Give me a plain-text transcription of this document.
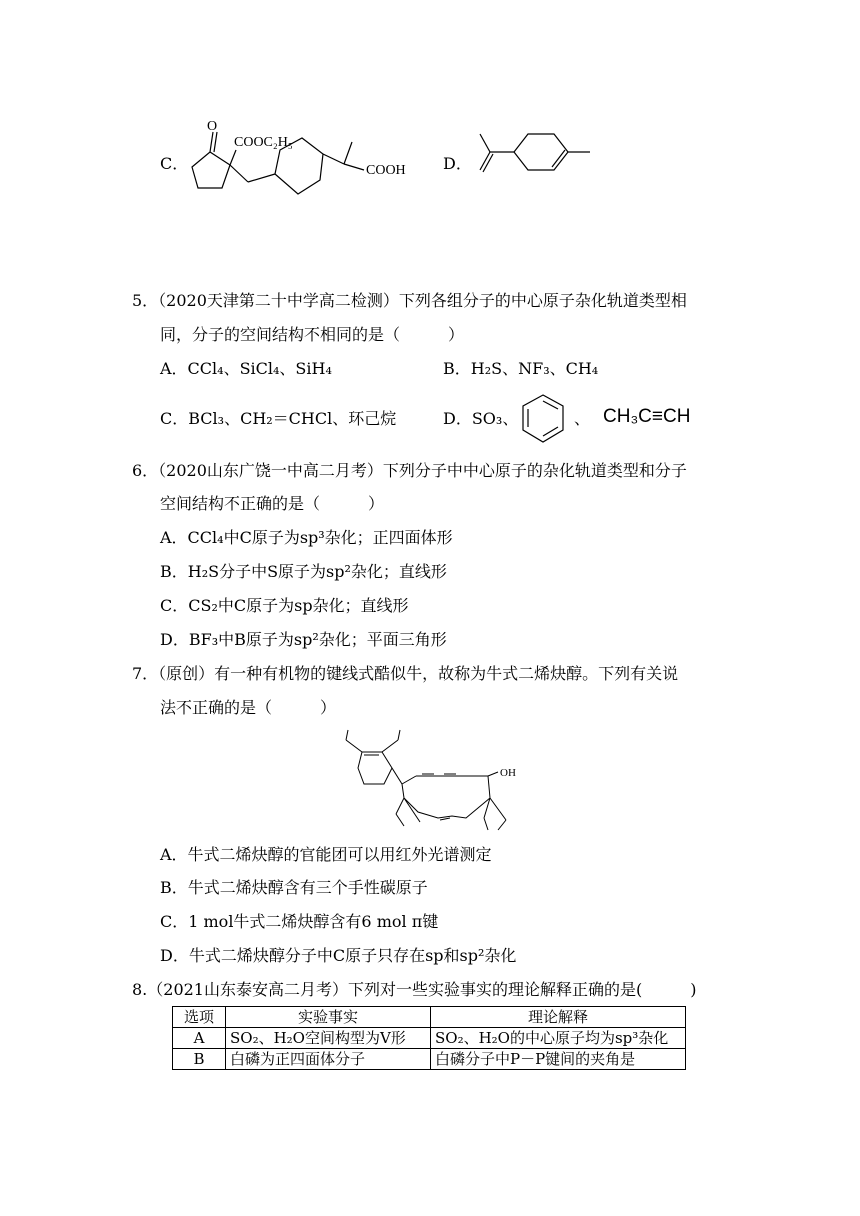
C．
O
COOC₂H₅
COOH D．
5．（2020天津第二十中学高二检测）下列各组分子的中心原子杂化轨道类型相
同，分子的空间结构不相同的是（　　　）
A．CCl₄、SiCl₄、SiH₄	B．H₂S、NF₃、CH₄
C．BCl₃、CH₂＝CHCl、环己烷	D．SO₃、	、 CH₃C≡CH
6．（2020山东广饶一中高二月考）下列分子中中心原子的杂化轨道类型和分子
空间结构不正确的是（　　　）
A．CCl₄中C原子为sp³杂化；正四面体形
B．H₂S分子中S原子为sp²杂化；直线形
C．CS₂中C原子为sp杂化；直线形
D．BF₃中B原子为sp²杂化；平面三角形
7．（原创）有一种有机物的键线式酷似牛，故称为牛式二烯炔醇。下列有关说
法不正确的是（　　　）
OH
A．牛式二烯炔醇的官能团可以用红外光谱测定
B．牛式二烯炔醇含有三个手性碳原子
C．1 mol牛式二烯炔醇含有6 mol π键
D．牛式二烯炔醇分子中C原子只存在sp和sp²杂化
8.（2021山东泰安高二月考）下列对一些实验事实的理论解释正确的是(　　　)
选项	实验事实	理论解释
A	SO₂、H₂O空间构型为V形	SO₂、H₂O的中心原子均为sp³杂化
B	白磷为正四面体分子	白磷分子中P－P键间的夹角是
